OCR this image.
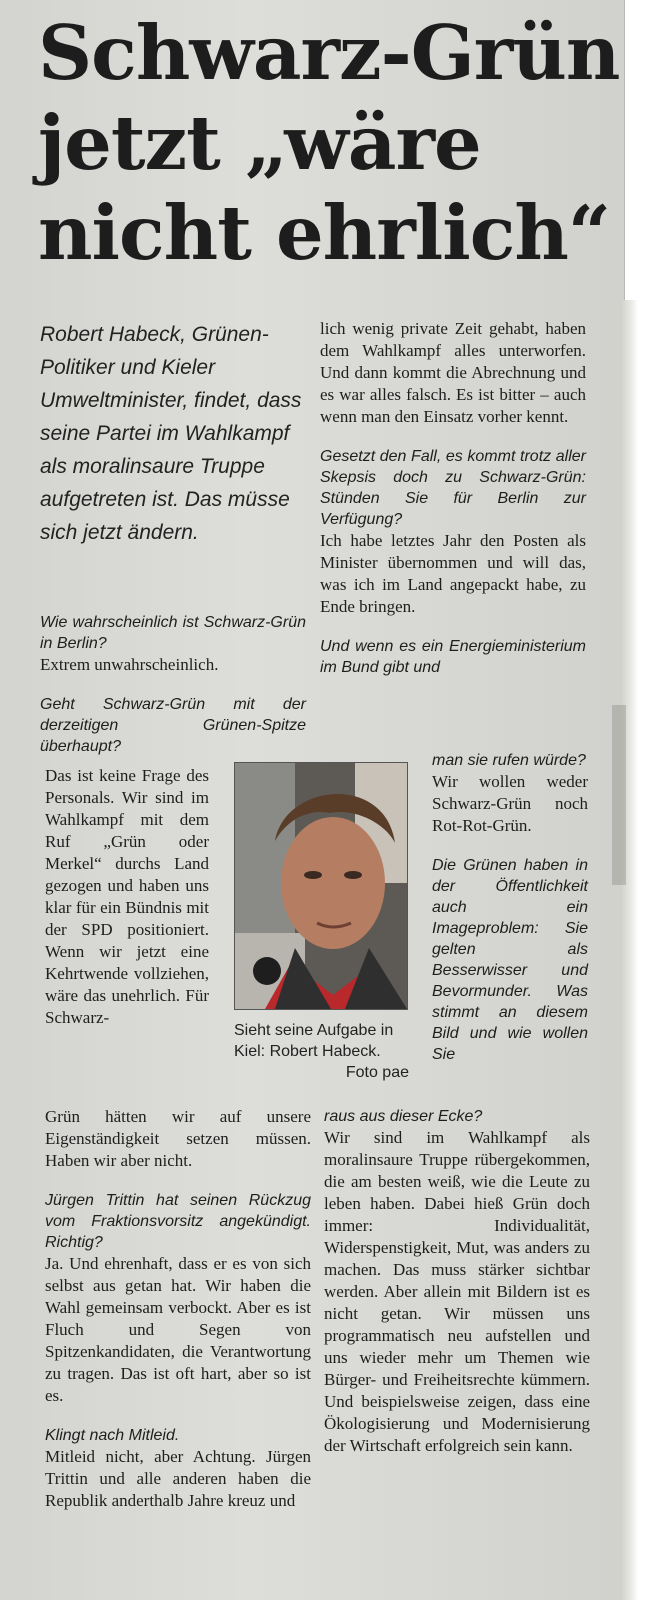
Schwarz-Grün
jetzt „wäre
nicht ehrlich“

Robert Habeck, Grünen-Politiker und Kieler Umweltminister, findet, dass seine Partei im Wahlkampf als moralinsaure Truppe aufgetreten ist. Das müsse sich jetzt ändern.

Wie wahrscheinlich ist Schwarz-Grün in Berlin?
Extrem unwahrscheinlich.
Geht Schwarz-Grün mit der derzeitigen Grünen-Spitze überhaupt?
Das ist keine Frage des Personals. Wir sind im Wahlkampf mit dem Ruf „Grün oder Merkel“ durchs Land gezogen und haben uns klar für ein Bündnis mit der SPD positioniert. Wenn wir jetzt eine Kehrtwende vollziehen, wäre das unehrlich. Für Schwarz-
Grün hätten wir auf unsere Eigenständigkeit setzen müssen. Haben wir aber nicht.
Jürgen Trittin hat seinen Rückzug vom Fraktionsvorsitz angekündigt. Richtig?
Ja. Und ehrenhaft, dass er es von sich selbst aus getan hat. Wir haben die Wahl gemeinsam verbockt. Aber es ist Fluch und Segen von Spitzenkandidaten, die Verantwortung zu tragen. Das ist oft hart, aber so ist es.
Klingt nach Mitleid.
Mitleid nicht, aber Achtung. Jürgen Trittin und alle anderen haben die Republik anderthalb Jahre kreuz und
lich wenig private Zeit gehabt, haben dem Wahlkampf alles unterworfen. Und dann kommt die Abrechnung und es war alles falsch. Es ist bitter – auch wenn man den Einsatz vorher kennt.
Gesetzt den Fall, es kommt trotz aller Skepsis doch zu Schwarz-Grün: Stünden Sie für Berlin zur Verfügung?
Ich habe letztes Jahr den Posten als Minister übernommen und will das, was ich im Land angepackt habe, zu Ende bringen.
Und wenn es ein Energieministerium im Bund gibt und
man sie rufen würde?
Wir wollen weder Schwarz-Grün noch Rot-Rot-Grün.
Die Grünen haben in der Öffentlichkeit auch ein Imageproblem: Sie gelten als Besserwisser und Bevormunder. Was stimmt an diesem Bild und wie wollen Sie
raus aus dieser Ecke?
Wir sind im Wahlkampf als moralinsaure Truppe rübergekommen, die am besten weiß, wie die Leute zu leben haben. Dabei hieß Grün doch immer: Individualität, Widerspenstigkeit, Mut, was anders zu machen. Das muss stärker sichtbar werden. Aber allein mit Bildern ist es nicht getan. Wir müssen uns programmatisch neu aufstellen und uns wieder mehr um Themen wie Bürger- und Freiheitsrechte kümmern. Und beispielsweise zeigen, dass eine Ökologisierung und Modernisierung der Wirtschaft erfolgreich sein kann.
Sieht seine Aufgabe in Kiel: Robert Habeck.
Foto pae
